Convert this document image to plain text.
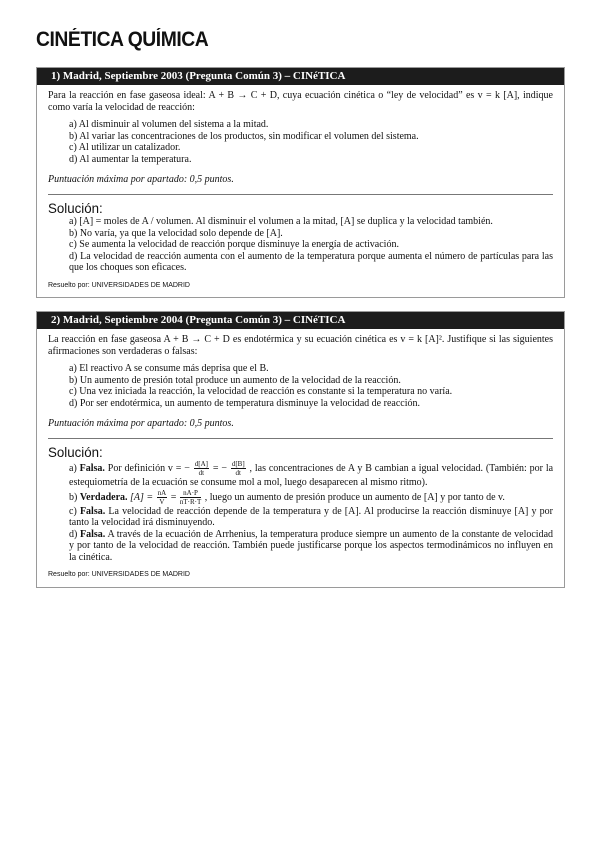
CINÉTICA QUÍMICA
1) Madrid, Septiembre 2003 (Pregunta Común 3) – CINéTICA

Para la reacción en fase gaseosa ideal: A + B → C + D, cuya ecuación cinética o “ley de velocidad” es v = k [A], indique como varía la velocidad de reacción:

a) Al disminuir al volumen del sistema a la mitad.
b) Al variar las concentraciones de los productos, sin modificar el volumen del sistema.
c) Al utilizar un catalizador.
d) Al aumentar la temperatura.
Puntuación máxima por apartado: 0,5 puntos.
Solución:
a) [A] = moles de A / volumen. Al disminuir el volumen a la mitad, [A] se duplica y la velocidad también.
b) No varía, ya que la velocidad solo depende de [A].
c) Se aumenta la velocidad de reacción porque disminuye la energía de activación.
d) La velocidad de reacción aumenta con el aumento de la temperatura porque aumenta el número de partículas para las que los choques son eficaces.
Resuelto por: UNIVERSIDADES DE MADRID
2) Madrid, Septiembre 2004 (Pregunta Común 3) – CINéTICA

La reacción en fase gaseosa A + B → C + D es endotérmica y su ecuación cinética es v = k [A]². Justifique si las siguientes afirmaciones son verdaderas o falsas:

a) El reactivo A se consume más deprisa que el B.
b) Un aumento de presión total produce un aumento de la velocidad de la reacción.
c) Una vez iniciada la reacción, la velocidad de reacción es constante si la temperatura no varía.
d) Por ser endotérmica, un aumento de temperatura disminuye la velocidad de reacción.
Puntuación máxima por apartado: 0,5 puntos.
Solución:
a) Falsa. Por definición v = − $\frac{d[A]}{dt}$ = − $\frac{d[B]}{dt}$ , las concentraciones de A y B cambian a igual velocidad. (También: por la estequiometría de la ecuación se consume mol a mol, luego desaparecen al mismo ritmo).
b) Verdadera. $[A] = \frac{nA}{V} = \frac{nA\cdot P}{nT\cdot R\cdot T}$ , luego un aumento de presión produce un aumento de [A] y por tanto de v.
c) Falsa. La velocidad de reacción depende de la temperatura y de [A]. Al producirse la reacción disminuye [A] y por tanto la velocidad irá disminuyendo.
d) Falsa. A través de la ecuación de Arrhenius, la temperatura produce siempre un aumento de la constante de velocidad y por tanto de la velocidad de reacción. También puede justificarse porque los aspectos termodinámicos no influyen en la cinética.
Resuelto por: UNIVERSIDADES DE MADRID
